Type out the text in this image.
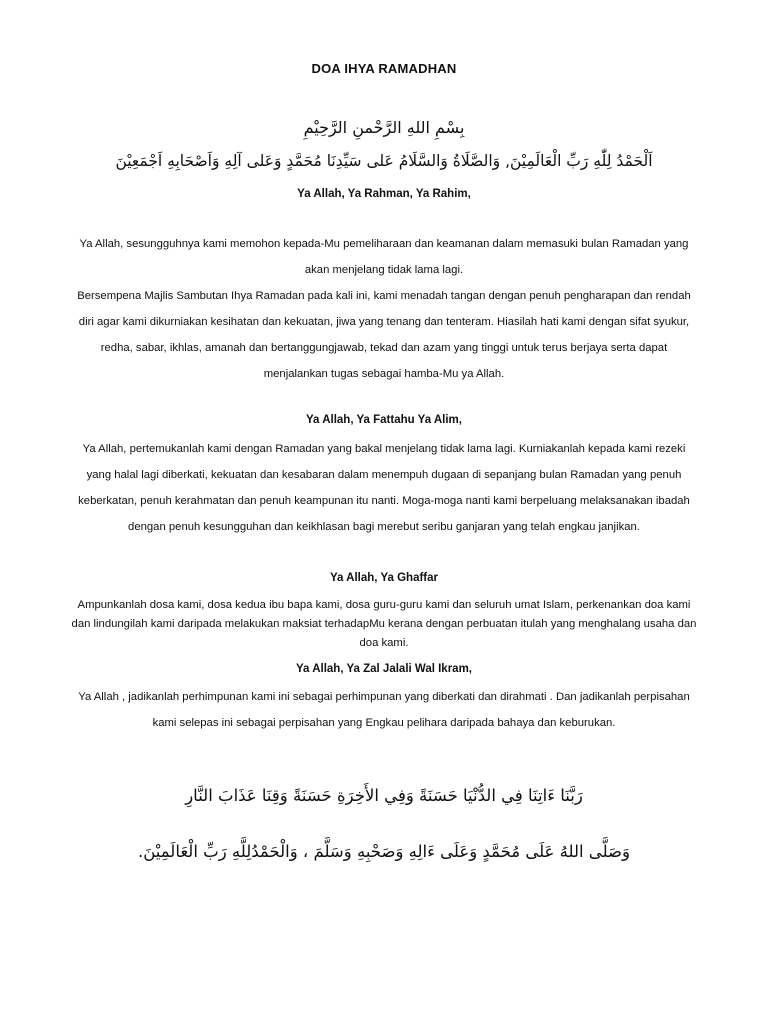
DOA IHYA RAMADHAN
بِسْمِ اللهِ الرَّحْمنِ الرَّحِيْمِ
اَلْحَمْدُ لِلّٰهِ رَبِّ الْعَالَمِيْنَ, وَالصَّلَاةُ وَالسَّلَامُ عَلى سَيِّدِنَا مُحَمَّدٍ وَعَلى آلِهِ وَاَصْحَابِهِ اَجْمَعِيْنَ
Ya Allah, Ya Rahman, Ya Rahim,
Ya Allah, sesungguhnya kami memohon kepada-Mu pemeliharaan dan keamanan dalam memasuki bulan Ramadan yang akan menjelang tidak lama lagi.
Bersempena Majlis Sambutan Ihya Ramadan pada kali ini, kami menadah tangan dengan penuh pengharapan dan rendah diri agar kami dikurniakan kesihatan dan kekuatan, jiwa yang tenang dan tenteram. Hiasilah hati kami dengan sifat syukur, redha, sabar, ikhlas, amanah dan bertanggungjawab, tekad dan azam yang tinggi untuk terus berjaya serta dapat menjalankan tugas sebagai hamba-Mu ya Allah.
Ya Allah, Ya Fattahu Ya Alim,
Ya Allah, pertemukanlah kami dengan Ramadan yang bakal menjelang tidak lama lagi. Kurniakanlah kepada kami rezeki yang halal lagi diberkati, kekuatan dan kesabaran dalam menempuh dugaan di sepanjang bulan Ramadan yang penuh keberkatan, penuh kerahmatan dan penuh keampunan itu nanti. Moga-moga nanti kami berpeluang melaksanakan ibadah dengan penuh kesungguhan dan keikhlasan bagi merebut seribu ganjaran yang telah engkau janjikan.
Ya Allah, Ya Ghaffar
Ampunkanlah dosa kami, dosa kedua ibu bapa kami, dosa guru-guru kami dan seluruh umat Islam, perkenankan doa kami dan lindungilah kami daripada melakukan maksiat terhadapMu kerana dengan perbuatan itulah yang menghalang usaha dan doa kami.
Ya Allah, Ya Zal Jalali Wal Ikram,
Ya Allah , jadikanlah perhimpunan kami ini sebagai perhimpunan yang diberkati dan dirahmati . Dan jadikanlah perpisahan kami selepas ini sebagai perpisahan yang Engkau pelihara daripada bahaya dan keburukan.
رَبَّنَا ءَاتِنَا فِي الدُّنْيَا حَسَنَةً وَفِي الأَخِرَةِ حَسَنَةً وَقِنَا عَذَابَ النَّارِ
وَصَلَّى اللهُ عَلَى مُحَمَّدٍ وَعَلَى ءَالِهِ وَصَحْبِهِ وَسَلَّمَ ، وَالْحَمْدُلِلَّهِ رَبِّ الْعَالَمِيْنَ.
